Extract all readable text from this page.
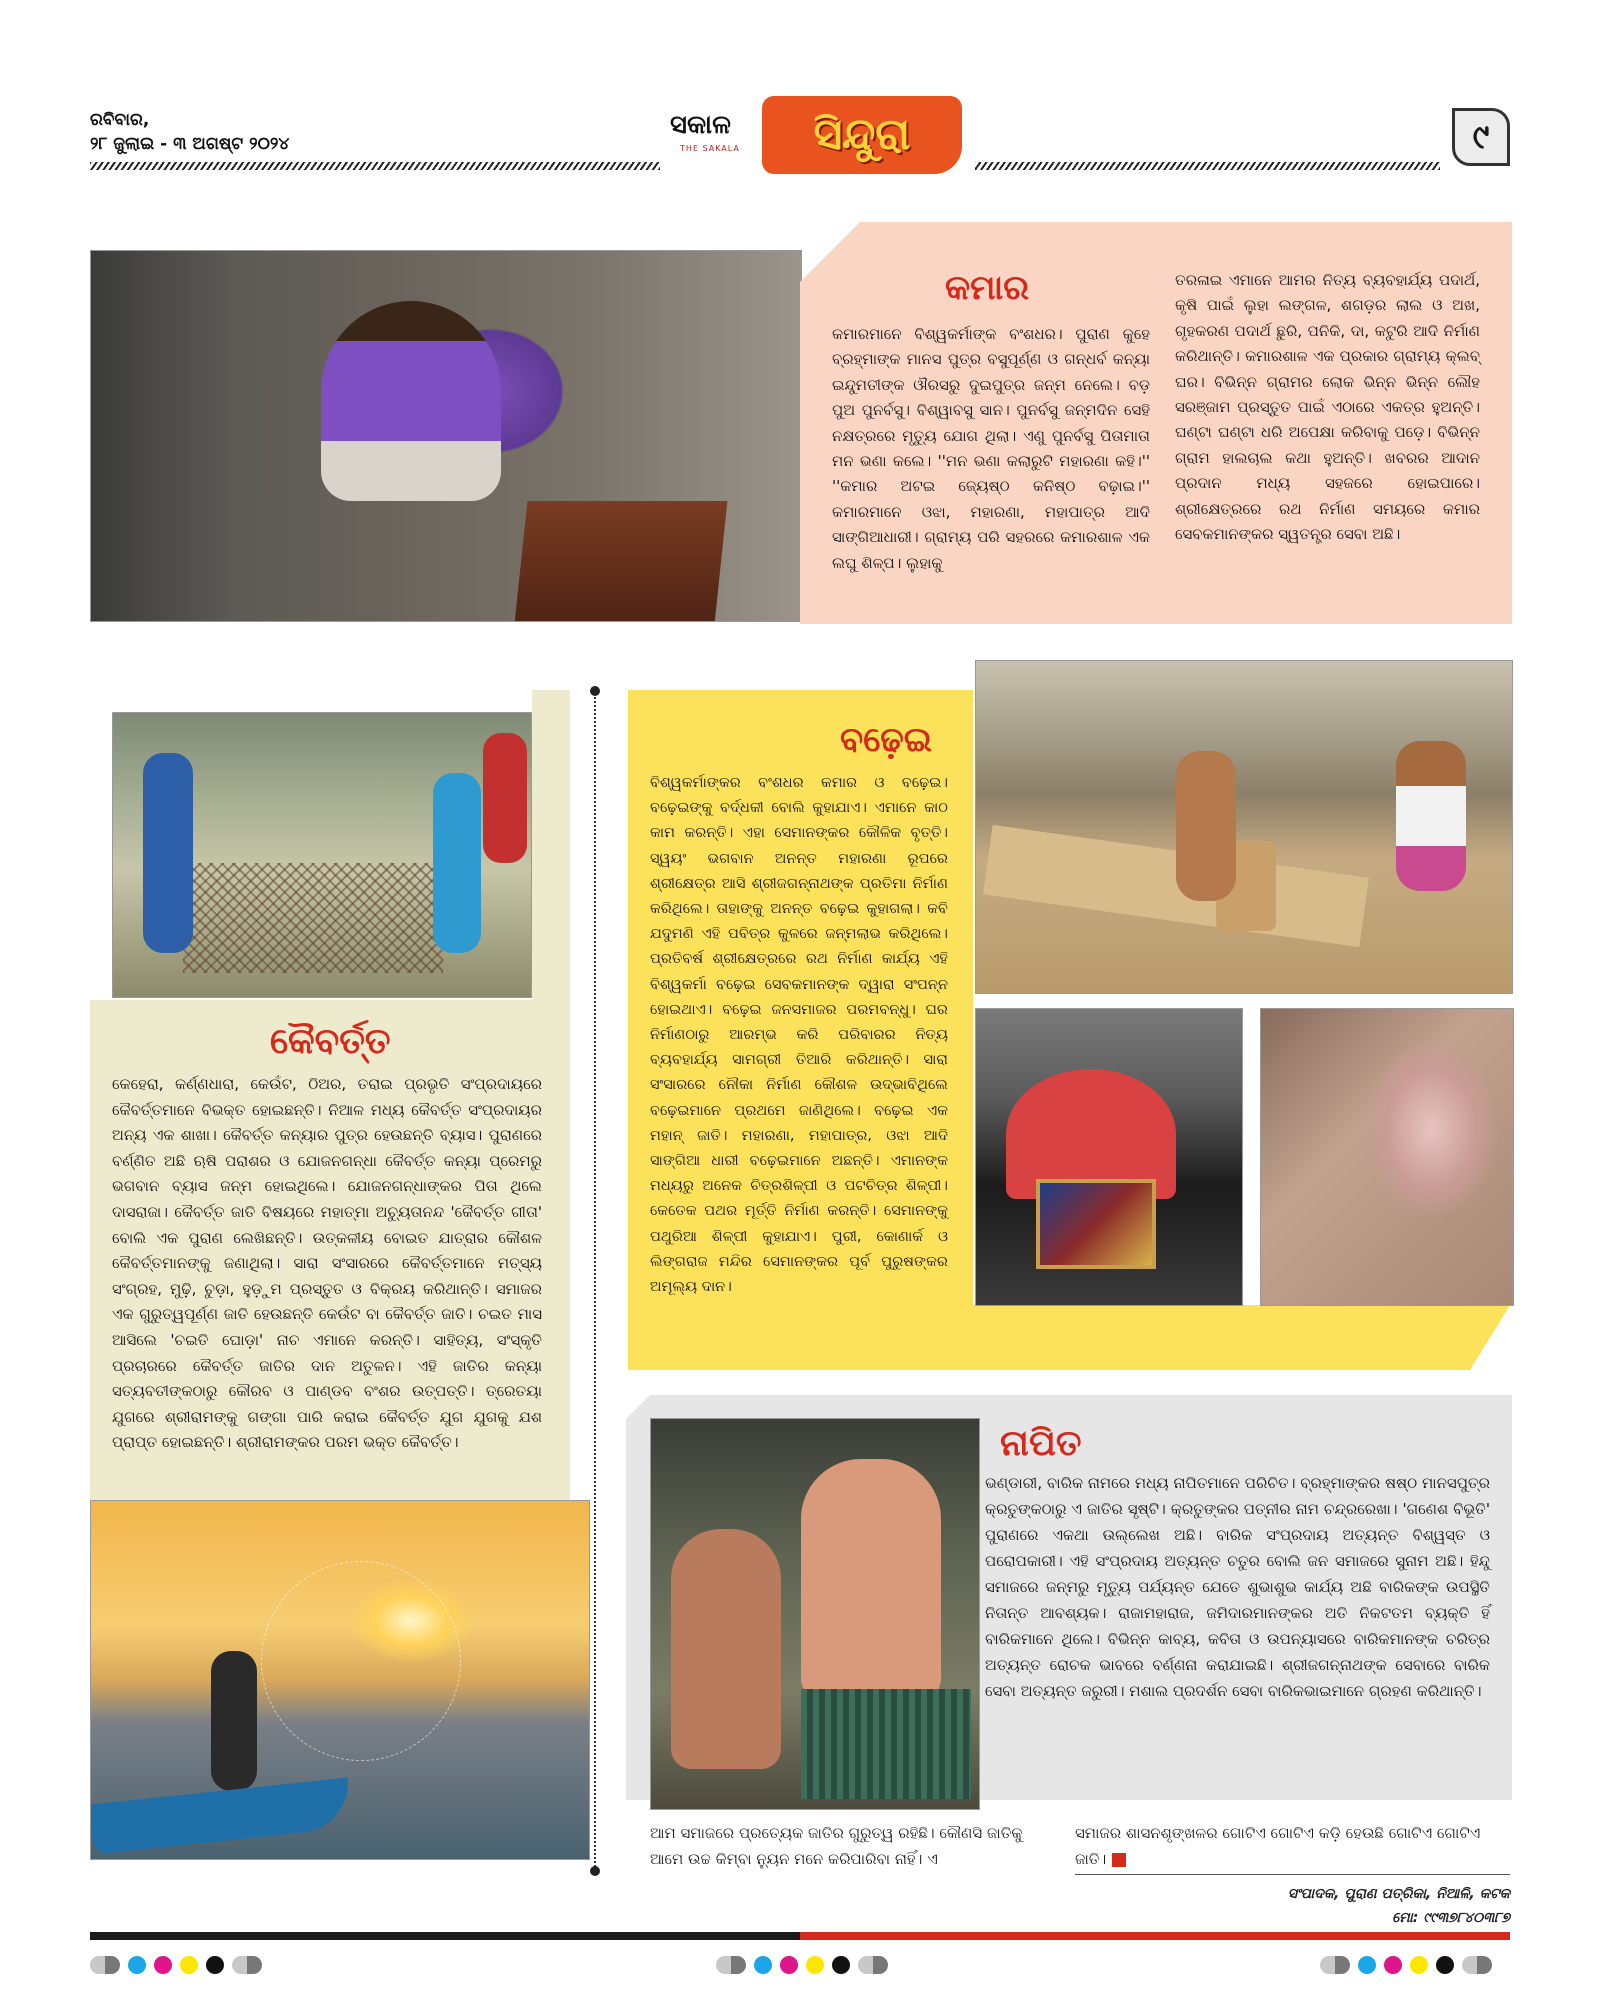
ରବିବାର,
୨୮ ଜୁଲାଇ - ୩ ଅଗଷ୍ଟ ୨୦୨୪
ସକାଳ
THE SAKALA	ସିନ୍ଦୁରା	୯
କମାର
କମାରମାନେ ବିଶ୍ୱକର୍ମାଙ୍କ ବଂଶଧର। ପୁରାଣ କୁହେ ବ୍ରହ୍ମାଙ୍କ ମାନସ ପୁତ୍ର ବସୁପୂର୍ଣ୍ଣ ଓ ଗନ୍ଧର୍ବ କନ୍ୟା ଇନ୍ଦୁମତୀଙ୍କ ଔରସରୁ ଦୁଇପୁତ୍ର ଜନ୍ମ ନେଲେ। ବଡ଼ ପୁଅ ପୁନର୍ବସୁ। ବିଶ୍ୱାବସୁ ସାନ। ପୁନର୍ବସୁ ଜନ୍ମଦିନ ସେହି ନକ୍ଷତ୍ରରେ ମୃତ୍ୟୁ ଯୋଗ ଥିଲା। ଏଣୁ ପୁନର୍ବସୁ ପିତାମାତା ମନ ଭଣା କଲେ। ''ମନ ଭଣା କଲାରୁଟି ମହାରଣା କହି।'' ''କମାର ଅଟଇ ଜ୍ୟେଷ୍ଠ କନିଷ୍ଠ ବଢ଼ାଇ।'' କମାରମାନେ ଓଝା, ମହାରଣା, ମହାପାତ୍ର ଆଦି ସାଙ୍ଗିଆଧାରୀ। ଗ୍ରାମ୍ୟ ପରି ସହରରେ କମାରଶାଳ ଏକ ଲଘୁ ଶିଳ୍ପ। ଲୁହାକୁ
ତରଳାଇ ଏମାନେ ଆମର ନିତ୍ୟ ବ୍ୟବହାର୍ଯ୍ୟ ପଦାର୍ଥ, କୃଷି ପାଇଁ ଲୁହା ଲଙ୍ଗଳ, ଶଗଡ଼ର ଲାଲ ଓ ଅଖ, ଗୃହକରଣ ପଦାର୍ଥ ଛୁରି, ପନିକି, ଦା, କଟୁରି ଆଦି ନିର୍ମାଣ କରିଥାନ୍ତି। କମାରଶାଳ ଏକ ପ୍ରକାର ଗ୍ରାମ୍ୟ କ୍ଲବ୍ ଘର। ବିଭିନ୍ନ ଗ୍ରାମର ଲୋକ ଭିନ୍ନ ଭିନ୍ନ ଲୌହ ସରଞ୍ଜାମ ପ୍ରସ୍ତୁତ ପାଇଁ ଏଠାରେ ଏକତ୍ର ହୁଅନ୍ତି। ଘଣ୍ଟା ଘଣ୍ଟା ଧରି ଅପେକ୍ଷା କରିବାକୁ ପଡ଼େ। ବିଭିନ୍ନ ଗ୍ରାମ ହାଲଚାଲ କଥା ହୁଅନ୍ତି। ଖବରର ଆଦାନ ପ୍ରଦାନ ମଧ୍ୟ ସହଜରେ ହୋଇପାରେ। ଶ୍ରୀକ୍ଷେତ୍ରରେ ରଥ ନିର୍ମାଣ ସମୟରେ କମାର ସେବକମାନଙ୍କର ସ୍ୱତନ୍ତ୍ର ସେବା ଅଛି।
କୈବର୍ତ୍ତ
କେହେରା, କର୍ଣ୍ଣଧାରା, କେଉଁଟ, ଠିଅର, ତରାଇ ପ୍ରଭୃତି ସଂପ୍ରଦାୟରେ କୈବର୍ତ୍ତମାନେ ବିଭକ୍ତ ହୋଇଛନ୍ତି। ନିଆଳ ମଧ୍ୟ କୈବର୍ତ୍ତ ସଂପ୍ରଦାୟର ଅନ୍ୟ ଏକ ଶାଖା। କୈବର୍ତ୍ତ କନ୍ୟାର ପୁତ୍ର ହେଉଛନ୍ତି ବ୍ୟାସ। ପୁରାଣରେ ବର୍ଣ୍ଣିତ ଅଛି ଋଷି ପରାଶର ଓ ଯୋଜନଗନ୍ଧା କୈବର୍ତ୍ତ କନ୍ୟା ପ୍ରେମରୁ ଭଗବାନ ବ୍ୟାସ ଜନ୍ମ ହୋଇଥିଲେ। ଯୋଜନଗନ୍ଧାଙ୍କର ପିତା ଥିଲେ ଦାସରାଜା। କୈବର୍ତ୍ତ ଜାତି ବିଷୟରେ ମହାତ୍ମା ଅଚ୍ୟୁତାନନ୍ଦ 'କୈବର୍ତ୍ତ ଗୀତା' ବୋଲି ଏକ ପୁରାଣ ଲେଖିଛନ୍ତି। ଉତ୍କଳୀୟ ବୋଇତ ଯାତ୍ରାର କୌଶଳ କୈବର୍ତ୍ତମାନଙ୍କୁ ଜଣାଥିଲା। ସାରା ସଂସାରରେ କୈବର୍ତ୍ତମାନେ ମତ୍ସ୍ୟ ସଂଗ୍ରହ, ମୁଢ଼ି, ଚୁଡ଼ା, ହୁଡ଼ୁମ ପ୍ରସ୍ତୁତ ଓ ବିକ୍ରୟ କରିଥାନ୍ତି। ସମାଜର ଏକ ଗୁରୁତ୍ୱପୂର୍ଣ୍ଣ ଜାତି ହେଉଛନ୍ତି କେଉଁଟ ବା କୈବର୍ତ୍ତ ଜାତି। ଚଇତ ମାସ ଆସିଲେ 'ଚଇତି ଘୋଡ଼ା' ନାଚ ଏମାନେ କରନ୍ତି। ସାହିତ୍ୟ, ସଂସ୍କୃତି ପ୍ରଚାରରେ କୈବର୍ତ୍ତ ଜାତିର ଦାନ ଅତୁଳନ। ଏହି ଜାତିର କନ୍ୟା ସତ୍ୟବତୀଙ୍କଠାରୁ କୌରବ ଓ ପାଣ୍ଡବ ବଂଶର ଉତ୍ପତ୍ତି। ତ୍ରେତୟା ଯୁଗରେ ଶ୍ରୀରାମଙ୍କୁ ଗଙ୍ଗା ପାରି କରାଇ କୈବର୍ତ୍ତ ଯୁଗ ଯୁଗକୁ ଯଶ ପ୍ରାପ୍ତ ହୋଇଛନ୍ତି। ଶ୍ରୀରାମଙ୍କର ପରମ ଭକ୍ତ କୈବର୍ତ୍ତ।
ବଢ଼େଇ
ବିଶ୍ୱକର୍ମାଙ୍କର ବଂଶଧର କମାର ଓ ବଢ଼େଇ। ବଢ଼େଇଙ୍କୁ ବର୍ଦ୍ଧକୀ ବୋଲି କୁହାଯାଏ। ଏମାନେ କାଠ କାମ କରନ୍ତି। ଏହା ସେମାନଙ୍କର କୌଳିକ ବୃତ୍ତି। ସ୍ୱୟଂ ଭଗବାନ ଅନନ୍ତ ମହାରଣା ରୂପରେ ଶ୍ରୀକ୍ଷେତ୍ର ଆସି ଶ୍ରୀଜଗନ୍ନାଥଙ୍କ ପ୍ରତିମା ନିର୍ମାଣ କରିଥିଲେ। ତାହାଙ୍କୁ ଅନନ୍ତ ବଢ଼େଇ କୁହାଗଲା। କବି ଯଦୁମଣି ଏହି ପବିତ୍ର କୁଳରେ ଜନ୍ମଲାଭ କରିଥିଲେ। ପ୍ରତିବର୍ଷ ଶ୍ରୀକ୍ଷେତ୍ରରେ ରଥ ନିର୍ମାଣ କାର୍ଯ୍ୟ ଏହି ବିଶ୍ୱକର୍ମା ବଢ଼େଇ ସେବକମାନଙ୍କ ଦ୍ୱାରା ସଂପନ୍ନ ହୋଇଥାଏ। ବଢ଼େଇ ଜନସମାଜର ପରମବନ୍ଧୁ। ଘର ନିର୍ମାଣଠାରୁ ଆରମ୍ଭ କରି ପରିବାରର ନିତ୍ୟ ବ୍ୟବହାର୍ଯ୍ୟ ସାମଗ୍ରୀ ତିଆରି କରିଥାନ୍ତି। ସାରା ସଂସାରରେ ନୌକା ନିର୍ମାଣ କୌଶଳ ଉଦ୍ଭାବିଥିଲେ ବଢ଼େଇମାନେ ପ୍ରଥମେ ଜାଣିଥିଲେ। ବଢ଼େଇ ଏକ ମହାନ୍ ଜାତି। ମହାରଣା, ମହାପାତ୍ର, ଓଝା ଆଦି ସାଙ୍ଗିଆ ଧାରୀ ବଢ଼େଇମାନେ ଅଛନ୍ତି। ଏମାନଙ୍କ ମଧ୍ୟରୁ ଅନେକ ଚିତ୍ରଶିଳ୍ପୀ ଓ ପଟଚିତ୍ର ଶିଳ୍ପୀ। କେତେକ ପଥର ମୂର୍ତ୍ତି ନିର୍ମାଣ କରନ୍ତି। ସେମାନଙ୍କୁ ପଥୁରିଆ ଶିଳ୍ପୀ କୁହାଯାଏ। ପୁରୀ, କୋଣାର୍କ ଓ ଲିଙ୍ଗରାଜ ମନ୍ଦିର ସେମାନଙ୍କର ପୂର୍ବ ପୁରୁଷଙ୍କର ଅମୂଲ୍ୟ ଦାନ।
ନାପିତ
ଭଣ୍ଡାରୀ, ବାରିକ ନାମରେ ମଧ୍ୟ ନାପିତମାନେ ପରିଚିତ। ବ୍ରହ୍ମାଙ୍କର ଷଷ୍ଠ ମାନସପୁତ୍ର କ୍ରତୁଙ୍କଠାରୁ ଏ ଜାତିର ସୃଷ୍ଟି। କ୍ରତୁଙ୍କର ପତ୍ନୀର ନାମ ଚନ୍ଦ୍ରରେଖା। 'ଗଣେଶ ବିଭୂତି' ପୁରାଣରେ ଏକଥା ଉଲ୍ଲେଖ ଅଛି। ବାରିକ ସଂପ୍ରଦାୟ ଅତ୍ୟନ୍ତ ବିଶ୍ୱସ୍ତ ଓ ପରୋପକାରୀ। ଏହି ସଂପ୍ରଦାୟ ଅତ୍ୟନ୍ତ ଚତୁର ବୋଲି ଜନ ସମାଜରେ ସୁନାମ ଅଛି। ହିନ୍ଦୁ ସମାଜରେ ଜନ୍ମରୁ ମୃତ୍ୟୁ ପର୍ଯ୍ୟନ୍ତ ଯେତେ ଶୁଭାଶୁଭ କାର୍ଯ୍ୟ ଅଛି ବାରିକଙ୍କ ଉପସ୍ଥିତି ନିତାନ୍ତ ଆବଶ୍ୟକ। ରାଜାମହାରାଜ, ଜମିଦାରମାନଙ୍କର ଅତି ନିକଟତମ ବ୍ୟକ୍ତି ହିଁ ବାରିକମାନେ ଥିଲେ। ବିଭିନ୍ନ କାବ୍ୟ, କବିତା ଓ ଉପନ୍ୟାସରେ ବାରିକମାନଙ୍କ ଚରିତ୍ର ଅତ୍ୟନ୍ତ ରୋଚକ ଭାବରେ ବର୍ଣ୍ଣନା କରାଯାଇଛି। ଶ୍ରୀଜଗନ୍ନାଥଙ୍କ ସେବାରେ ବାରିକ ସେବା ଅତ୍ୟନ୍ତ ଜରୁରୀ। ମଶାଲ ପ୍ରଦର୍ଶନ ସେବା ବାରିକଭାଇମାନେ ଗ୍ରହଣ କରିଥାନ୍ତି।
ଆମ ସମାଜରେ ପ୍ରତ୍ୟେକ ଜାତିର ଗୁରୁତ୍ୱ ରହିଛି। କୌଣସି ଜାତିକୁ ଆମେ ଉଚ୍ଚ କିମ୍ବା ନ୍ୟୁନ ମନେ କରିପାରିବା ନାହିଁ। ଏ
ସମାଜର ଶାସନଶୃଙ୍ଖଳର ଗୋଟିଏ ଗୋଟିଏ କଡ଼ି ହେଉଛି ଗୋଟିଏ ଗୋଟିଏ ଜାତି।
ସଂପାଦକ, ପୁରାଣ ପତ୍ରିକା, ନିଆଳି, କଟକ
ମୋ: ୯୯୩୭୮୪୦୩୮୭
